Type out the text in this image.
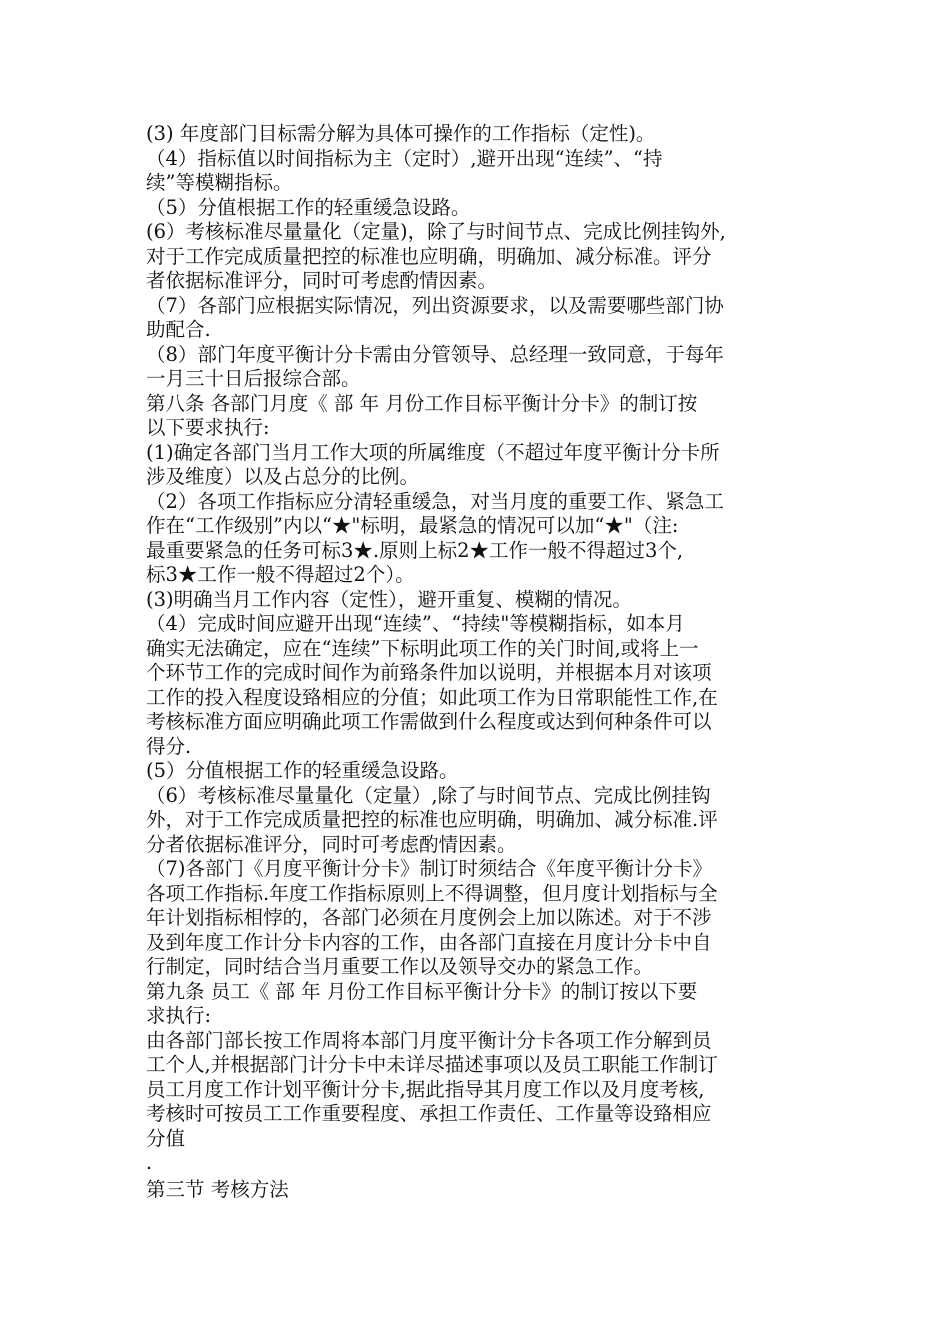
(3) 年度部门目标需分解为具体可操作的工作指标（定性)。
（4）指标值以时间指标为主（定时）,避开出现“连续”、“持
续”等模糊指标。
（5）分值根据工作的轻重缓急设路。
(6）考核标准尽量量化（定量)，除了与时间节点、完成比例挂钩外,
对于工作完成质量把控的标准也应明确，明确加、减分标准。评分
者依据标准评分，同时可考虑酌情因素。
（7）各部门应根据实际情况，列出资源要求，以及需要哪些部门协
助配合.
（8）部门年度平衡计分卡需由分管领导、总经理一致同意，于每年
一月三十日后报综合部。
第八条 各部门月度《 部 年 月份工作目标平衡计分卡》的制订按
以下要求执行:
(1)确定各部门当月工作大项的所属维度（不超过年度平衡计分卡所
涉及维度）以及占总分的比例。
（2）各项工作指标应分清轻重缓急，对当月度的重要工作、紧急工
作在“工作级别”内以“★"标明，最紧急的情况可以加“★"（注:
最重要紧急的任务可标3★.原则上标2★工作一般不得超过3个,
标3★工作一般不得超过2个）。
(3)明确当月工作内容（定性），避开重复、模糊的情况。
（4）完成时间应避开出现“连续”、“持续"等模糊指标，如本月
确实无法确定，应在“连续”下标明此项工作的关门时间,或将上一
个环节工作的完成时间作为前臵条件加以说明，并根据本月对该项
工作的投入程度设臵相应的分值；如此项工作为日常职能性工作,在
考核标准方面应明确此项工作需做到什么程度或达到何种条件可以
得分.
(5）分值根据工作的轻重缓急设路。
（6）考核标准尽量量化（定量）,除了与时间节点、完成比例挂钩
外，对于工作完成质量把控的标准也应明确，明确加、减分标准.评
分者依据标准评分，同时可考虑酌情因素。
（7)各部门《月度平衡计分卡》制订时须结合《年度平衡计分卡》
各项工作指标.年度工作指标原则上不得调整，但月度计划指标与全
年计划指标相悖的，各部门必须在月度例会上加以陈述。对于不涉
及到年度工作计分卡内容的工作，由各部门直接在月度计分卡中自
行制定，同时结合当月重要工作以及领导交办的紧急工作。
第九条 员工《 部 年 月份工作目标平衡计分卡》的制订按以下要
求执行:
由各部门部长按工作周将本部门月度平衡计分卡各项工作分解到员
工个人,并根据部门计分卡中未详尽描述事项以及员工职能工作制订
员工月度工作计划平衡计分卡,据此指导其月度工作以及月度考核,
考核时可按员工工作重要程度、承担工作责任、工作量等设臵相应
分值
.
第三节 考核方法
